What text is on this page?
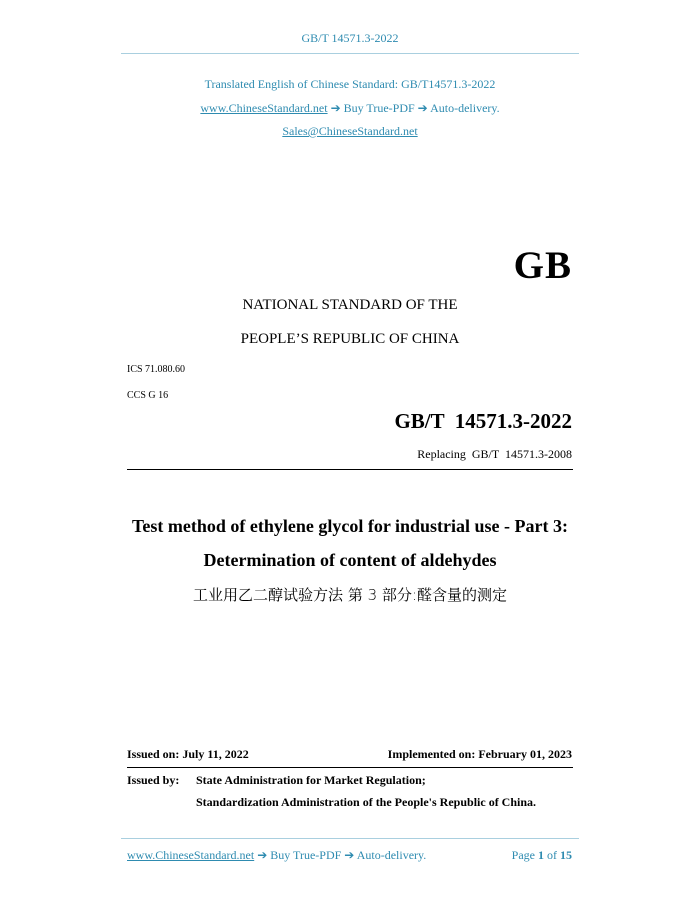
GB/T 14571.3-2022
Translated English of Chinese Standard: GB/T14571.3-2022
www.ChineseStandard.net ➔ Buy True-PDF ➔ Auto-delivery.
Sales@ChineseStandard.net
GB
NATIONAL STANDARD OF THE
PEOPLE’S REPUBLIC OF CHINA
ICS 71.080.60
CCS G 16
GB/T  14571.3-2022
Replacing  GB/T  14571.3-2008
Test method of ethylene glycol for industrial use - Part 3:
Determination of content of aldehydes
工业用乙二醇试验方法 第 3 部分:醛含量的测定
Issued on: July 11, 2022	Implemented on: February 01, 2023
Issued by: State Administration for Market Regulation;
Standardization Administration of the People's Republic of China.
www.ChineseStandard.net ➔ Buy True-PDF ➔ Auto-delivery.	Page 1 of 15
